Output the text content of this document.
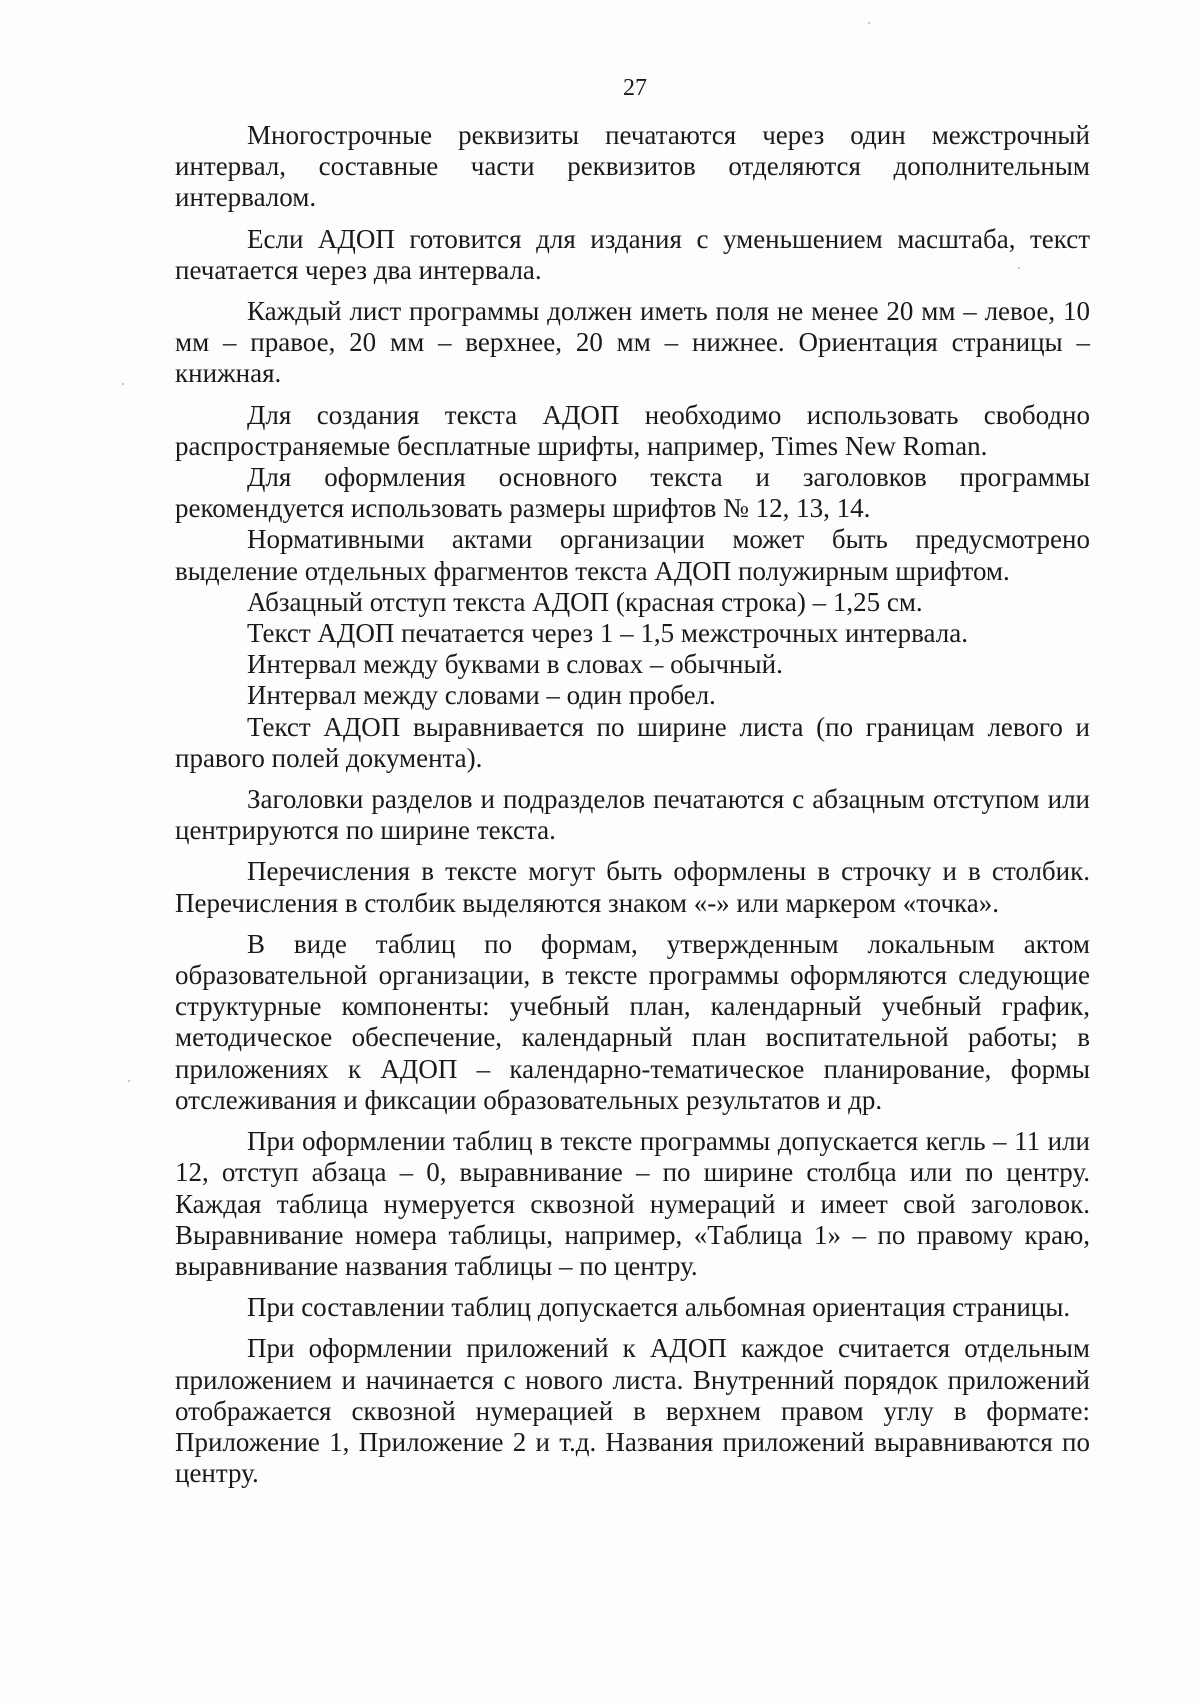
27

Многострочные реквизиты печатаются через один межстрочный интервал, составные части реквизитов отделяются дополнительным интервалом.

Если АДОП готовится для издания с уменьшением масштаба, текст печатается через два интервала.

Каждый лист программы должен иметь поля не менее 20 мм – левое, 10 мм – правое, 20 мм – верхнее, 20 мм – нижнее. Ориентация страницы – книжная.

Для создания текста АДОП необходимо использовать свободно распространяемые бесплатные шрифты, например, Times New Roman.

Для оформления основного текста и заголовков программы рекомендуется использовать размеры шрифтов № 12, 13, 14.

Нормативными актами организации может быть предусмотрено выделение отдельных фрагментов текста АДОП полужирным шрифтом.

Абзацный отступ текста АДОП (красная строка) – 1,25 см.

Текст АДОП печатается через 1 – 1,5 межстрочных интервала.

Интервал между буквами в словах – обычный.

Интервал между словами – один пробел.

Текст АДОП выравнивается по ширине листа (по границам левого и правого полей документа).

Заголовки разделов и подразделов печатаются с абзацным отступом или центрируются по ширине текста.

Перечисления в тексте могут быть оформлены в строчку и в столбик. Перечисления в столбик выделяются знаком «-» или маркером «точка».

В виде таблиц по формам, утвержденным локальным актом образовательной организации, в тексте программы оформляются следующие структурные компоненты: учебный план, календарный учебный график, методическое обеспечение, календарный план воспитательной работы; в приложениях к АДОП – календарно-тематическое планирование, формы отслеживания и фиксации образовательных результатов и др.

При оформлении таблиц в тексте программы допускается кегль – 11 или 12, отступ абзаца – 0, выравнивание – по ширине столбца или по центру. Каждая таблица нумеруется сквозной нумераций и имеет свой заголовок. Выравнивание номера таблицы, например, «Таблица 1» – по правому краю, выравнивание названия таблицы – по центру.

При составлении таблиц допускается альбомная ориентация страницы.

При оформлении приложений к АДОП каждое считается отдельным приложением и начинается с нового листа. Внутренний порядок приложений отображается сквозной нумерацией в верхнем правом углу в формате: Приложение 1, Приложение 2 и т.д. Названия приложений выравниваются по центру.
